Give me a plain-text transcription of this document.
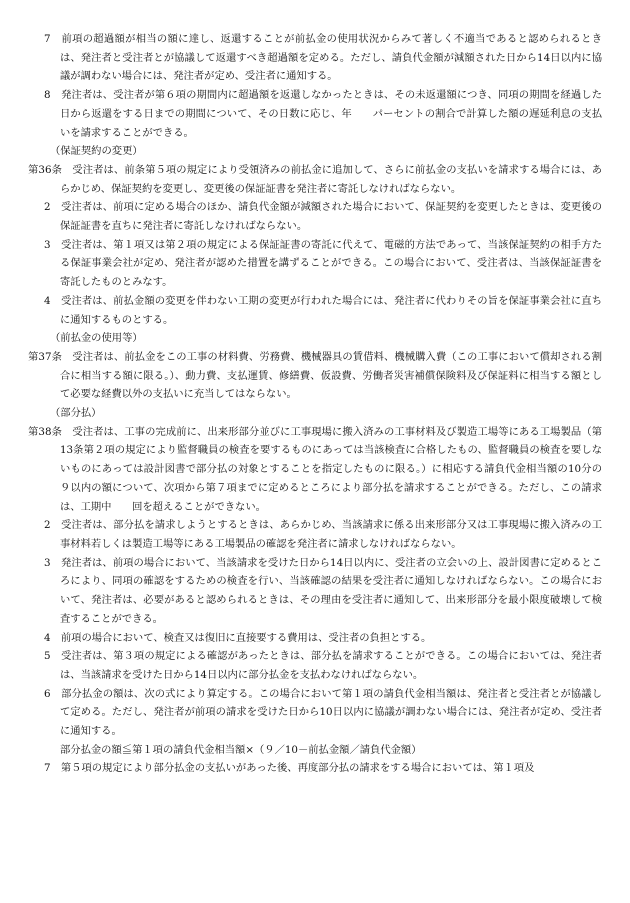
7　 前項の超過額が相当の額に達し、返還することが前払金の使用状況からみて著しく不適当であると認められるときは、発注者と受注者とが協議して返還すべき超過額を定める。ただし、請負代金額が減額された日から14日以内に協議が調わない場合には、発注者が定め、受注者に通知する。

8　 発注者は、受注者が第６項の期間内に超過額を返還しなかったときは、その未返還額につき、同項の期間を経過した日から返還をする日までの期間について、その日数に応じ、年　　パーセントの割合で計算した額の遅延利息の支払いを請求することができる。

（保証契約の変更）

第36条　 受注者は、前条第５項の規定により受領済みの前払金に追加して、さらに前払金の支払いを請求する場合には、あらかじめ、保証契約を変更し、変更後の保証証書を発注者に寄託しなければならない。

2　 受注者は、前項に定める場合のほか、請負代金額が減額された場合において、保証契約を変更したときは、変更後の保証証書を直ちに発注者に寄託しなければならない。

3　 受注者は、第１項又は第２項の規定による保証証書の寄託に代えて、電磁的方法であって、当該保証契約の相手方たる保証事業会社が定め、発注者が認めた措置を講ずることができる。この場合において、受注者は、当該保証証書を寄託したものとみなす。

4　 受注者は、前払金額の変更を伴わない工期の変更が行われた場合には、発注者に代わりその旨を保証事業会社に直ちに通知するものとする。

（前払金の使用等）

第37条　 受注者は、前払金をこの工事の材料費、労務費、機械器具の賃借料、機械購入費（この工事において償却される割合に相当する額に限る。）、動力費、支払運賃、修繕費、仮設費、労働者災害補償保険料及び保証料に相当する額として必要な経費以外の支払いに充当してはならない。

（部分払）

第38条　 受注者は、工事の完成前に、出来形部分並びに工事現場に搬入済みの工事材料及び製造工場等にある工場製品（第13条第２項の規定により監督職員の検査を要するものにあっては当該検査に合格したもの、監督職員の検査を要しないものにあっては設計図書で部分払の対象とすることを指定したものに限る。）に相応する請負代金相当額の10分の９以内の額について、次項から第７項までに定めるところにより部分払を請求することができる。ただし、この請求は、工期中　　回を超えることができない。

2　 受注者は、部分払を請求しようとするときは、あらかじめ、当該請求に係る出来形部分又は工事現場に搬入済みの工事材料若しくは製造工場等にある工場製品の確認を発注者に請求しなければならない。

3　 発注者は、前項の場合において、当該請求を受けた日から14日以内に、受注者の立会いの上、設計図書に定めるところにより、同項の確認をするための検査を行い、当該確認の結果を受注者に通知しなければならない。この場合において、発注者は、必要があると認められるときは、その理由を受注者に通知して、出来形部分を最小限度破壊して検査することができる。

4　 前項の場合において、検査又は復旧に直接要する費用は、受注者の負担とする。

5　 受注者は、第３項の規定による確認があったときは、部分払を請求することができる。この場合においては、発注者は、当該請求を受けた日から14日以内に部分払金を支払わなければならない。

6　 部分払金の額は、次の式により算定する。この場合において第１項の請負代金相当額は、発注者と受注者とが協議して定める。ただし、発注者が前項の請求を受けた日から10日以内に協議が調わない場合には、発注者が定め、受注者に通知する。

部分払金の額≦第１項の請負代金相当額×（９／10－前払金額／請負代金額）

7　 第５項の規定により部分払金の支払いがあった後、再度部分払の請求をする場合においては、第１項及
